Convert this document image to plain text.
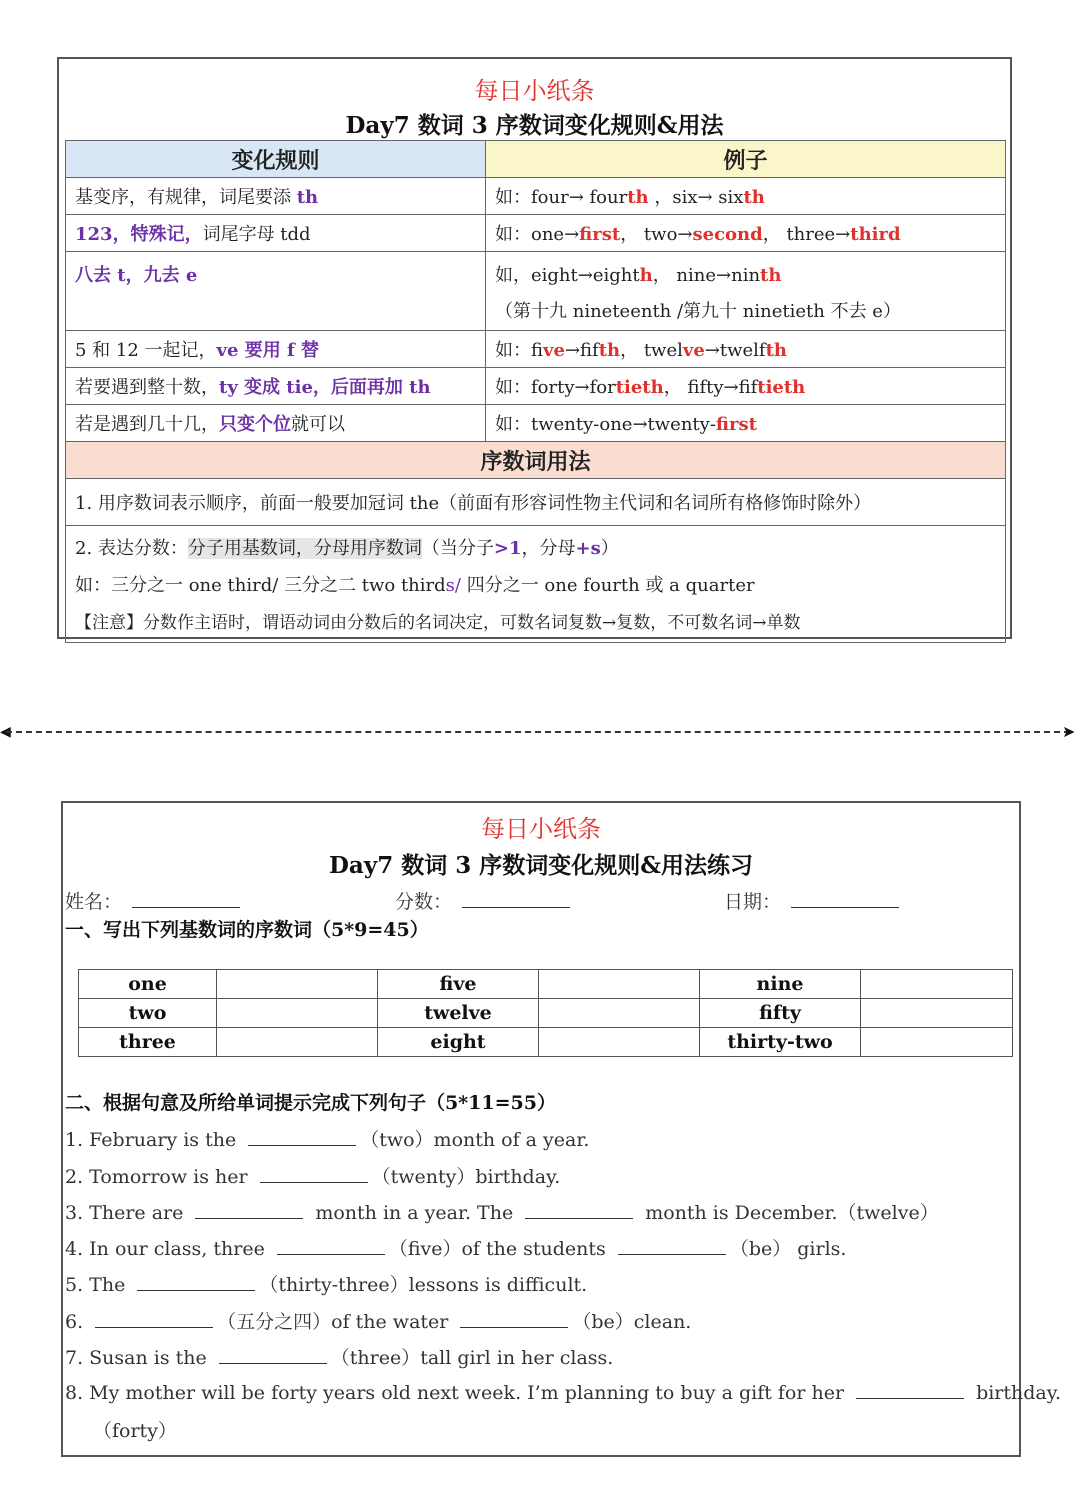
每日小纸条
Day7 数词 3 序数词变化规则&用法
变化规则	例子
基变序，有规律，词尾要添 th	如：four→ fourth ，six→ sixth
123，特殊记，词尾字母 tdd	如：one→first， two→second， three→third
八去 t，九去 e	如，eight→eighth， nine→ninth
（第十九 nineteenth /第九十 ninetieth 不去 e）
5 和 12 一起记，ve 要用 f 替	如：five→fifth， twelve→twelfth
若要遇到整十数，ty 变成 tie，后面再加 th	如：forty→fortieth， fifty→fiftieth
若是遇到几十几，只变个位就可以	如：twenty-one→twenty-first
序数词用法	
1. 用序数词表示顺序，前面一般要加冠词 the（前面有形容词性物主代词和名词所有格修饰时除外）	
2. 表达分数：分子用基数词，分母用序数词（当分子>1，分母+s）
如：三分之一 one third/ 三分之二 two thirds/ 四分之一 one fourth 或 a quarter
【注意】分数作主语时，谓语动词由分数后的名词决定，可数名词复数→复数，不可数名词→单数	
◀	➤
每日小纸条
Day7 数词 3 序数词变化规则&用法练习
姓名：	分数：	日期：
一、写出下列基数词的序数词（5*9=45）
one		five		nine	
two		twelve		fifty	
three		eight		thirty-two	
二、根据句意及所给单词提示完成下列句子（5*11=55）
1. February is the	（two）month of a year.
2. Tomorrow is her	（twenty）birthday.
3. There are	month in a year. The	month is December.（twelve）
4. In our class, three	（five）of the students	（be） girls.
5. The	（thirty-three）lessons is difficult.
6.	（五分之四）of the water	（be）clean.
7. Susan is the	（three）tall girl in her class.
8. My mother will be forty years old next week. I’m planning to buy a gift for her	birthday.
（forty）
